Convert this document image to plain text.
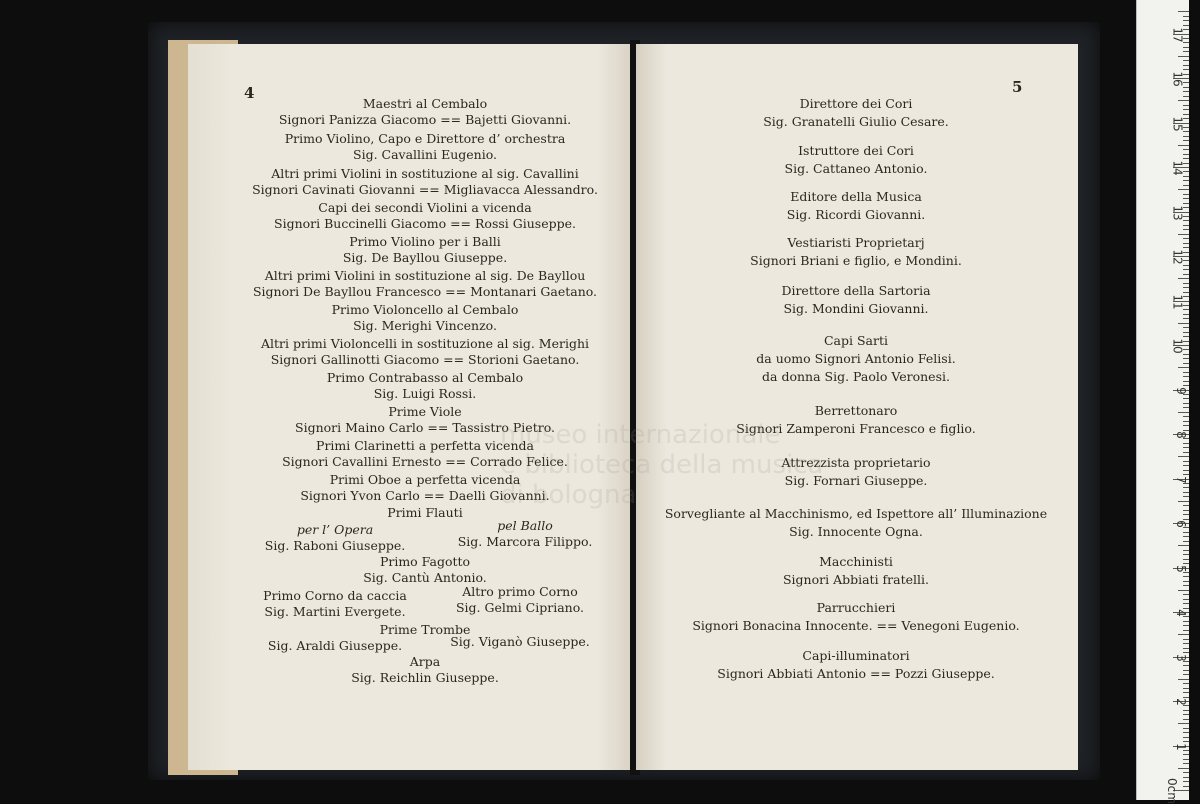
4
Maestri al Cembalo
Signori Panizza Giacomo == Bajetti Giovanni.
Primo Violino, Capo e Direttore d’ orchestra
Sig. Cavallini Eugenio.
Altri primi Violini in sostituzione al sig. Cavallini
Signori Cavinati Giovanni == Migliavacca Alessandro.
Capi dei secondi Violini a vicenda
Signori Buccinelli Giacomo == Rossi Giuseppe.
Primo Violino per i Balli
Sig. De Bayllou Giuseppe.
Altri primi Violini in sostituzione al sig. De Bayllou
Signori De Bayllou Francesco == Montanari Gaetano.
Primo Violoncello al Cembalo
Sig. Merighi Vincenzo.
Altri primi Violoncelli in sostituzione al sig. Merighi
Signori Gallinotti Giacomo == Storioni Gaetano.
Primo Contrabasso al Cembalo
Sig. Luigi Rossi.
Prime Viole
Signori Maino Carlo == Tassistro Pietro.
Primi Clarinetti a perfetta vicenda
Signori Cavallini Ernesto == Corrado Felice.
Primi Oboe a perfetta vicenda
Signori Yvon Carlo == Daelli Giovanni.
Primi Flauti
per l’ Opera	pel Ballo
Sig. Raboni Giuseppe.	Sig. Marcora Filippo.
Primo Fagotto
Sig. Cantù Antonio.
Primo Corno da caccia	Altro primo Corno
Sig. Martini Evergete.	Sig. Gelmi Cipriano.
Prime Trombe
Sig. Araldi Giuseppe.	Sig. Viganò Giuseppe.
Arpa
Sig. Reichlin Giuseppe.
5
Direttore dei Cori
Sig. Granatelli Giulio Cesare.
Istruttore dei Cori
Sig. Cattaneo Antonio.
Editore della Musica
Sig. Ricordi Giovanni.
Vestiaristi Proprietarj
Signori Briani e figlio, e Mondini.
Direttore della Sartoria
Sig. Mondini Giovanni.
Capi Sarti
da uomo Signori Antonio Felisi.
da donna Sig. Paolo Veronesi.
Berrettonaro
Signori Zamperoni Francesco e figlio.
Attrezzista proprietario
Sig. Fornari Giuseppe.
Sorvegliante al Macchinismo, ed Ispettore all’ Illuminazione
Sig. Innocente Ogna.
Macchinisti
Signori Abbiati fratelli.
Parrucchieri
Signori Bonacina Innocente. == Venegoni Eugenio.
Capi-illuminatori
Signori Abbiati Antonio == Pozzi Giuseppe.
museo internazionale
e biblioteca della musica
di bologna
17
16
15
14
13
12
11
10
9
8
7
6
5
4
3
2
1
0cm
